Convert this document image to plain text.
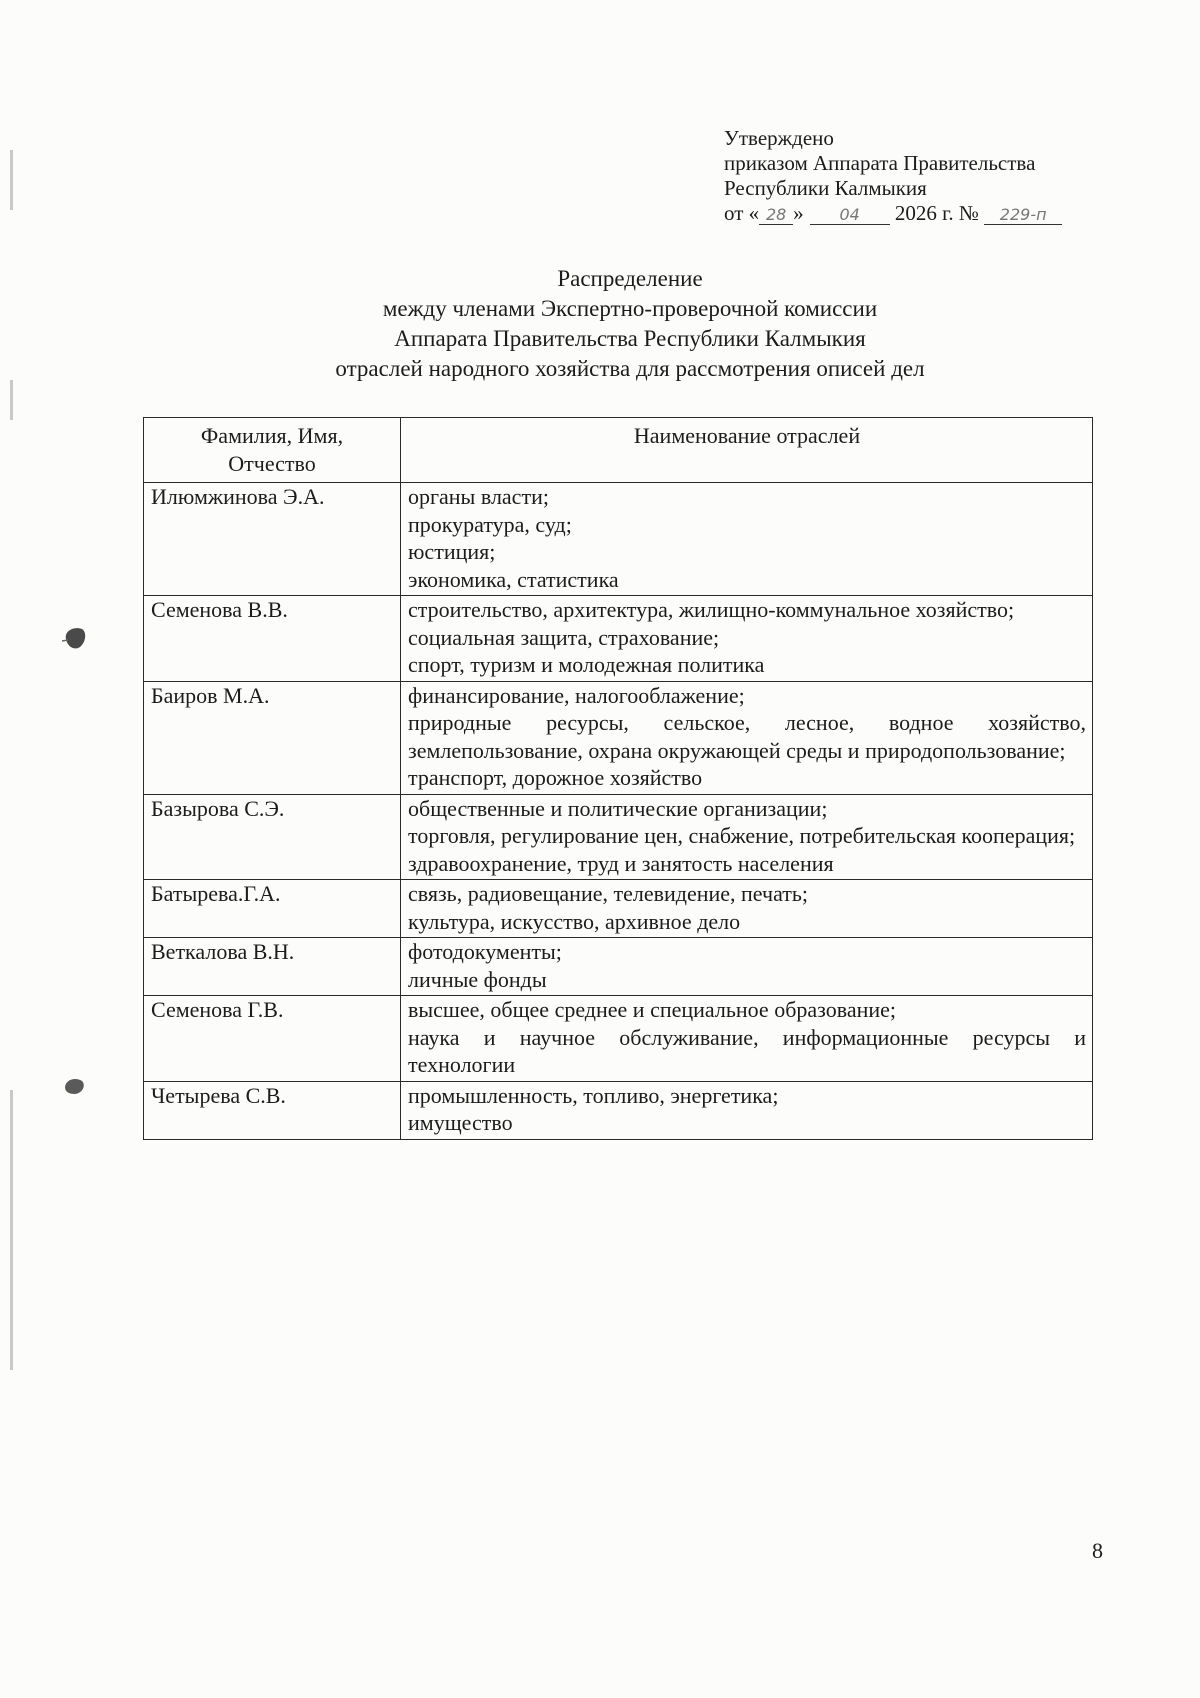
Утверждено
приказом Аппарата Правительства
Республики Калмыкия
от « 28 » 04 2026 г. № 229-п
Распределение
между членами Экспертно-проверочной комиссии
Аппарата Правительства Республики Калмыкия
отраслей народного хозяйства для рассмотрения описей дел
Фамилия, Имя, Отчество	Наименование отраслей
Илюмжинова Э.А.	органы власти;
прокуратура, суд;
юстиция;
экономика, статистика

Семенова В.В.	строительство, архитектура, жилищно-коммунальное хозяйство;
социальная защита, страхование;
спорт, туризм и молодежная политика

Баиров М.А.	финансирование, налогооблажение;
природные ресурсы, сельское, лесное, водное хозяйство, землепользование, охрана окружающей среды и природопользование;
транспорт, дорожное хозяйство

Базырова С.Э.	общественные и политические организации;
торговля, регулирование цен, снабжение, потребительская кооперация;
здравоохранение, труд и занятость населения

Батырева.Г.А.	связь, радиовещание, телевидение, печать;
культура, искусство, архивное дело

Веткалова В.Н.	фотодокументы;
личные фонды

Семенова Г.В.	высшее, общее среднее и специальное образование;
наука и научное обслуживание, информационные ресурсы и технологии

Четырева С.В.	промышленность, топливо, энергетика;
имущество
8
